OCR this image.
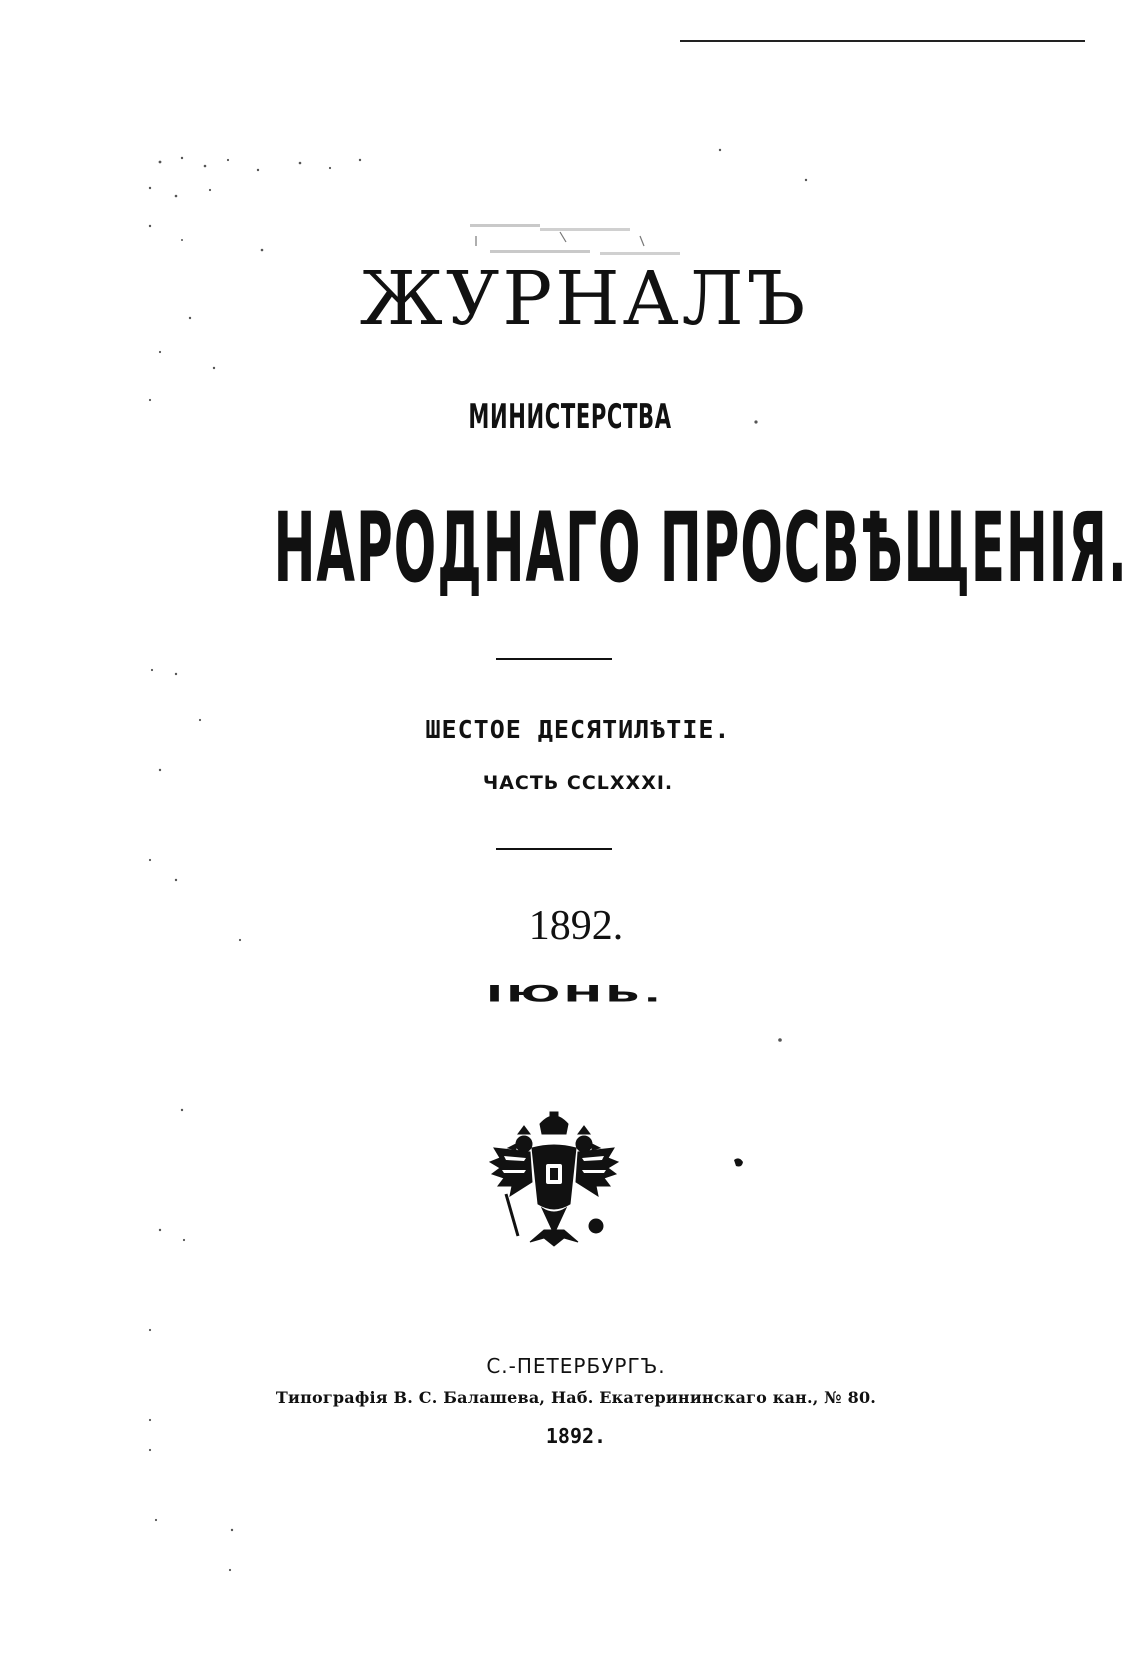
ЖУРНАЛЪ
МИНИСТЕРСТВА
НАРОДНАГО ПРОСВѢЩЕНІЯ.
ШЕСТОЕ ДЕСЯТИЛѢТІЕ.
ЧАСТЬ CCLXXXI.
1892.
ІЮНЬ.
С.-ПЕТЕРБУРГЪ.
Типографія В. С. Балашева, Наб. Екатерининскаго кан., № 80.
1892.
